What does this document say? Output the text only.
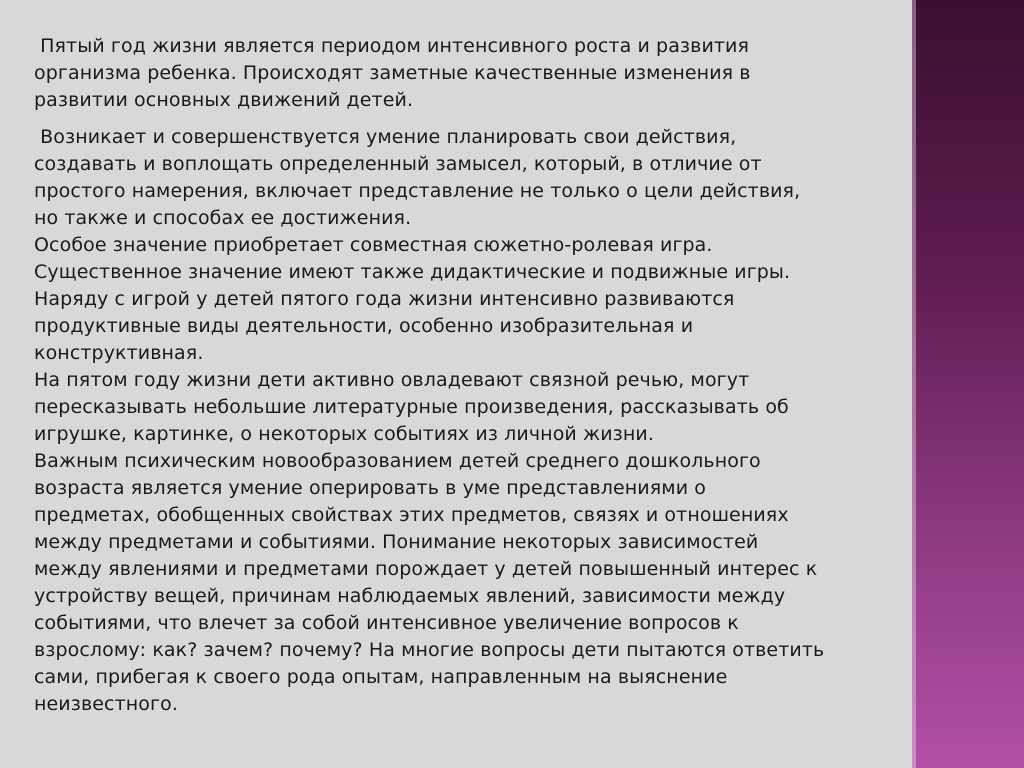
Пятый год жизни является периодом интенсивного роста и развития
организма ребенка. Происходят заметные качественные изменения в
развитии основных движений детей.

Возникает и совершенствуется умение планировать свои действия,
создавать и воплощать определенный замысел, который, в отличие от
простого намерения, включает представление не только о цели действия,
но также и способах ее достижения.

Особое значение приобретает совместная сюжетно-ролевая игра.

Существенное значение имеют также дидактические и подвижные игры.

Наряду с игрой у детей пятого года жизни интенсивно развиваются
продуктивные виды деятельности, особенно изобразительная и
конструктивная.

На пятом году жизни дети активно овладевают связной речью, могут
пересказывать небольшие литературные произведения, рассказывать об
игрушке, картинке, о некоторых событиях из личной жизни.

Важным психическим новообразованием детей среднего дошкольного
возраста является умение оперировать в уме представлениями о
предметах, обобщенных свойствах этих предметов, связях и отношениях
между предметами и событиями. Понимание некоторых зависимостей
между явлениями и предметами порождает у детей повышенный интерес к
устройству вещей, причинам наблюдаемых явлений, зависимости между
событиями, что влечет за собой интенсивное увеличение вопросов к
взрослому: как? зачем? почему? На многие вопросы дети пытаются ответить
сами, прибегая к своего рода опытам, направленным на выяснение
неизвестного.
